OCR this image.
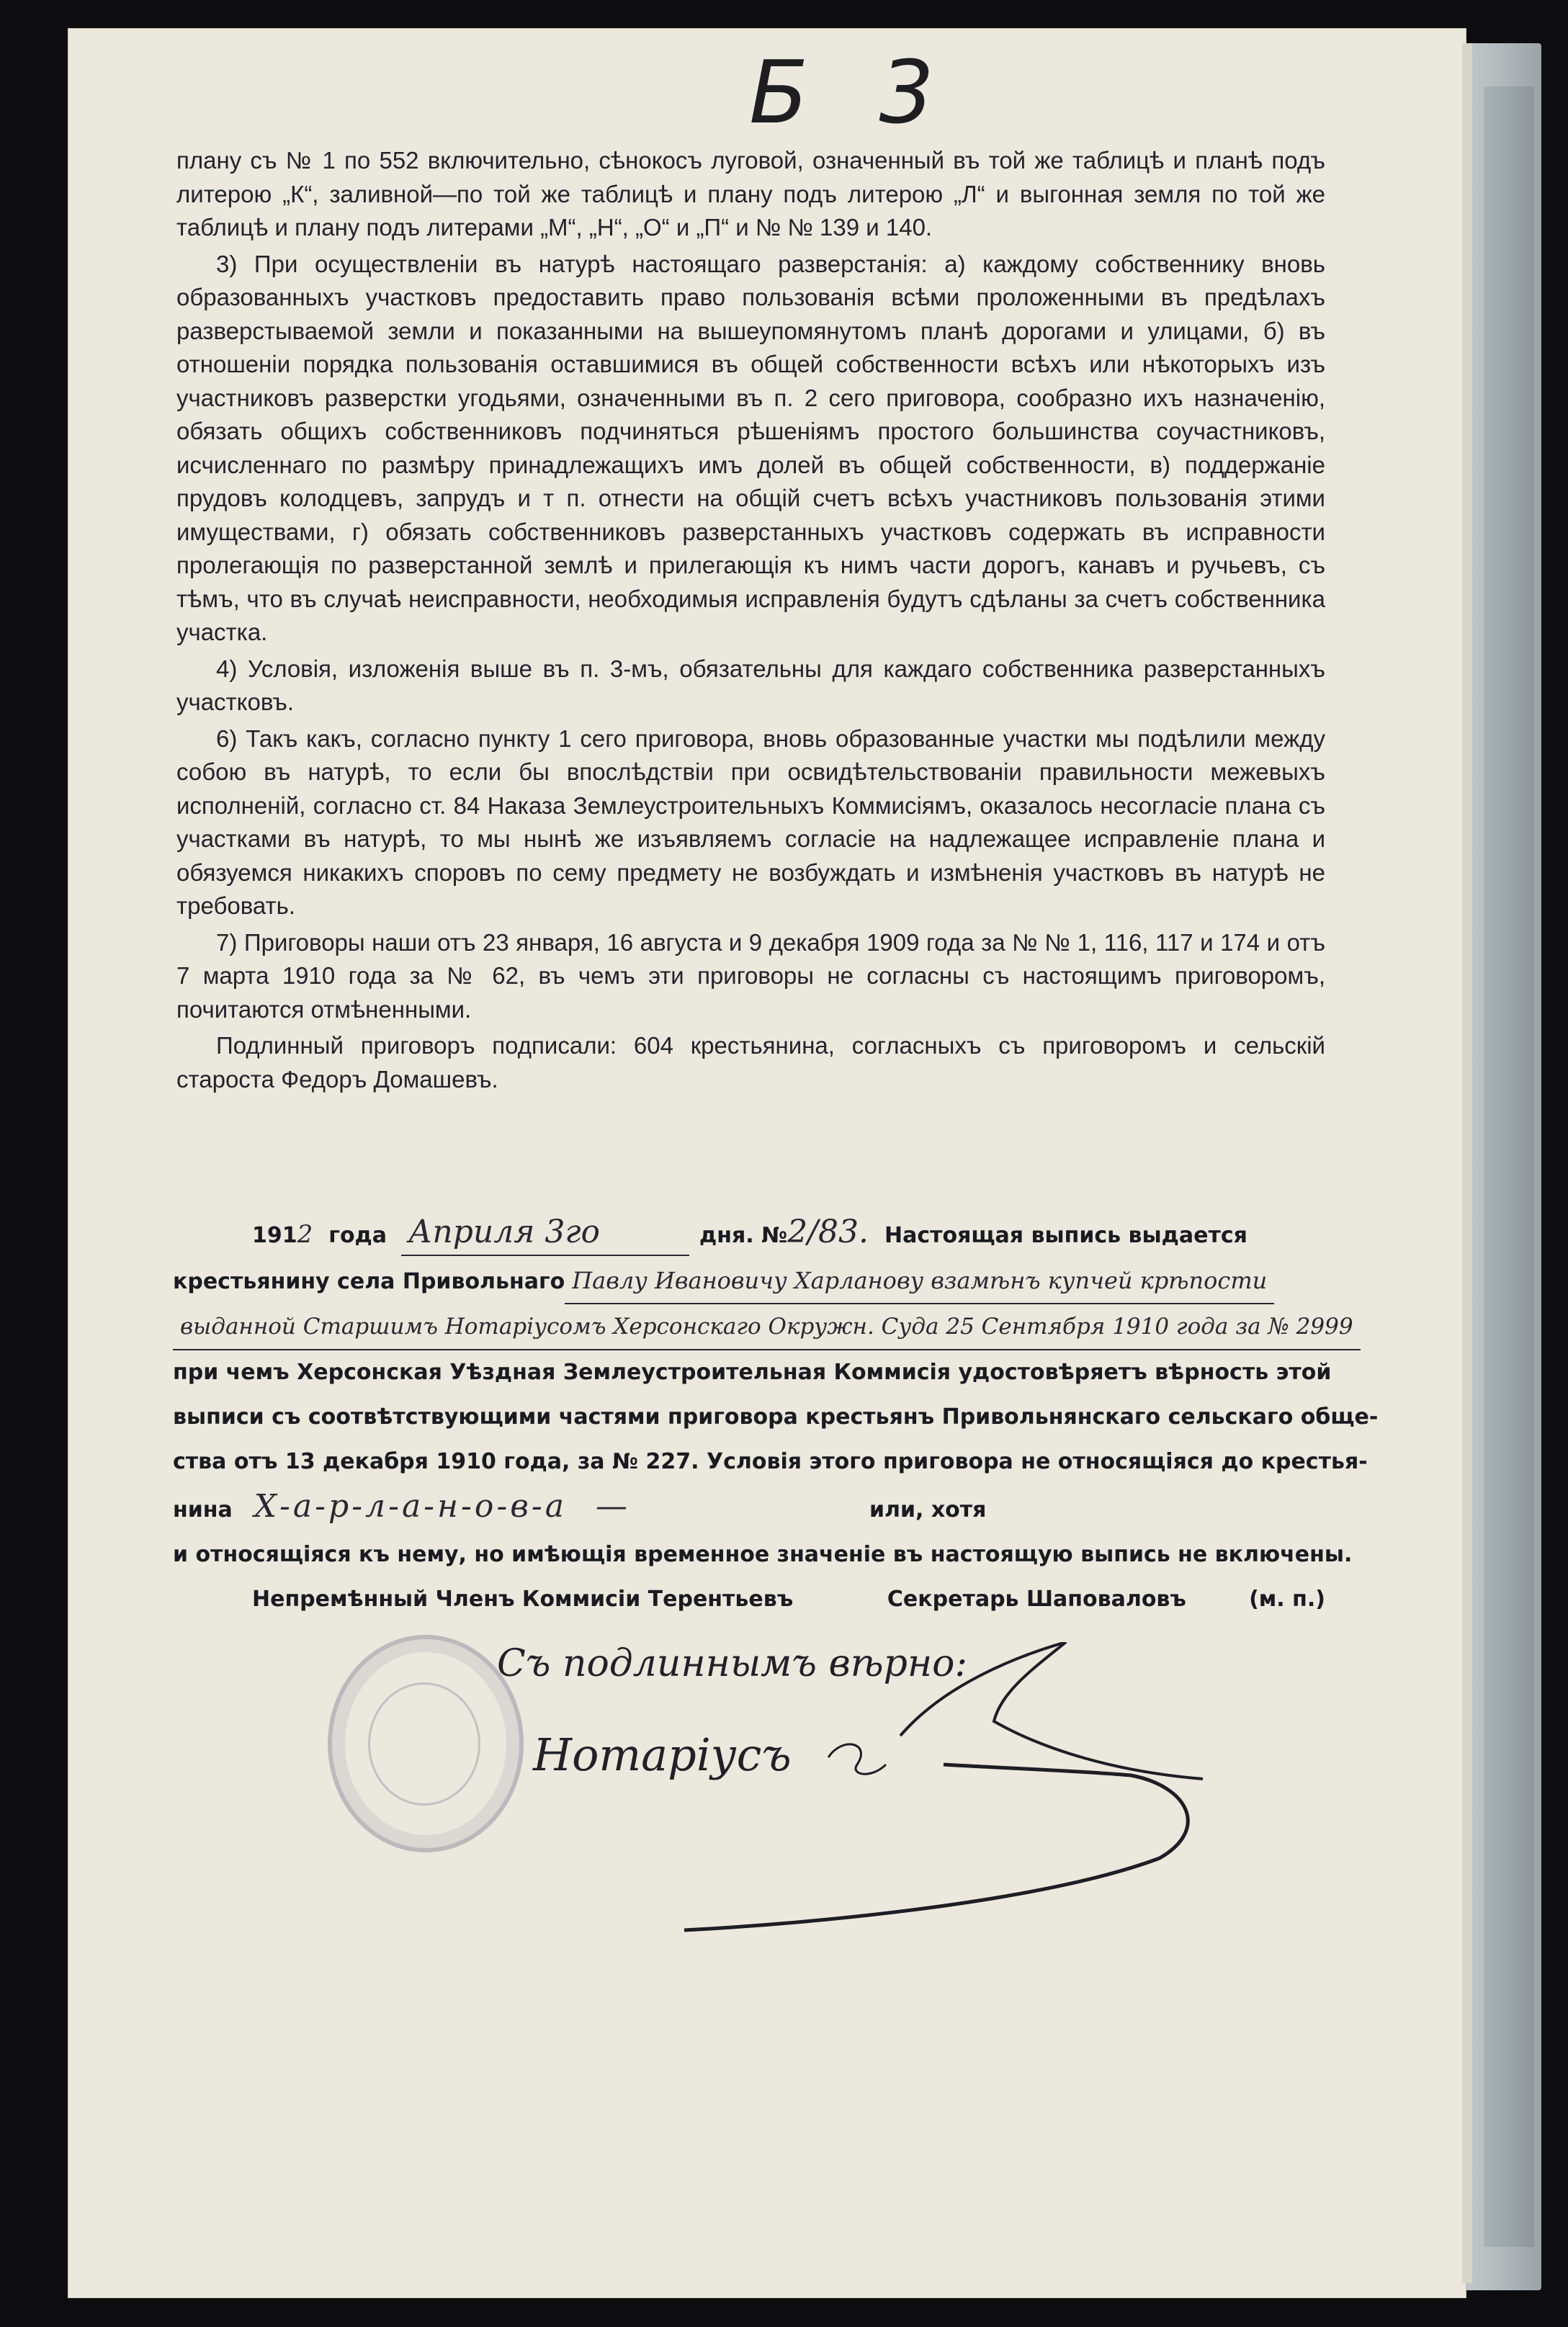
Б 3

плану съ № 1 по 552 включительно, сѣнокосъ луговой, означенный въ той же таблицѣ и планѣ подъ литерою „К“, заливной—по той же таблицѣ и плану подъ литерою „Л“ и выгонная земля по той же таблицѣ и плану подъ литерами „М“, „Н“, „О“ и „П“ и № № 139 и 140.

3) При осуществленіи въ натурѣ настоящаго разверстанія: а) каждому собственнику вновь образованныхъ участковъ предоставить право пользованія всѣми проложенными въ предѣлахъ разверстываемой земли и показанными на вышеупомянутомъ планѣ дорогами и улицами, б) въ отношеніи порядка пользованія оставшимися въ общей собственности всѣхъ или нѣкоторыхъ изъ участниковъ разверстки угодьями, означенными въ п. 2 сего приговора, сообразно ихъ назначенію, обязать общихъ собственниковъ подчиняться рѣшеніямъ простого большинства соучастниковъ, исчисленнаго по размѣру принадлежащихъ имъ долей въ общей собственности, в) поддержаніе прудовъ колодцевъ, запрудъ и т п. отнести на общій счетъ всѣхъ участниковъ пользованія этими имуществами, г) обязать собственниковъ разверстанныхъ участковъ содержать въ исправности пролегающія по разверстанной землѣ и прилегающія къ нимъ части дорогъ, канавъ и ручьевъ, съ тѣмъ, что въ случаѣ неисправности, необходимыя исправленія будутъ сдѣланы за счетъ собственника участка.

4) Условія, изложенія выше въ п. 3-мъ, обязательны для каждаго собственника разверстанныхъ участковъ.

6) Такъ какъ, согласно пункту 1 сего приговора, вновь образованные участки мы подѣлили между собою въ натурѣ, то если бы впослѣдствіи при освидѣтельствованіи правильности межевыхъ исполненій, согласно ст. 84 Наказа Землеустроительныхъ Коммисіямъ, оказалось несогласіе плана съ участками въ натурѣ, то мы нынѣ же изъявляемъ согласіе на надлежащее исправленіе плана и обязуемся никакихъ споровъ по сему предмету не возбуждать и измѣненія участковъ въ натурѣ не требовать.

7) Приговоры наши отъ 23 января, 16 августа и 9 декабря 1909 года за № № 1, 116, 117 и 174 и отъ 7 марта 1910 года за № 62, въ чемъ эти приговоры не согласны съ настоящимъ приговоромъ, почитаются отмѣненными.

Подлинный приговоръ подписали: 604 крестьянина, согласныхъ съ приговоромъ и сельскій староста Федоръ Домашевъ.

191 2 года Априля 3го	дня. № 2/83. Настоящая выпись выдается
крестьянину села Привольнаго Павлу Ивановичу Харланову взамѣнъ купчей крѣпости
выданной Старшимъ Нотаріусомъ Херсонскаго Окружн. Суда 25 Сентября 1910 года за № 2999
при чемъ Херсонская Уѣздная Землеустроительная Коммисія удостовѣряетъ вѣрность этой
выписи съ соотвѣтствующими частями приговора крестьянъ Привольнянскаго сельскаго обще-
ства отъ 13 декабря 1910 года, за № 227. Условія этого приговора не относящіяся до крестья-
нина Х-а-р-л-а-н-о-в-а —	или, хотя
и относящіяся къ нему, но имѣющія временное значеніе въ настоящую выпись не включены.
Непремѣнный Членъ Коммисіи Терентьевъ	Секретарь Шаповаловъ	(м. п.)
Съ подлиннымъ вѣрно:
Нотаріусъ
